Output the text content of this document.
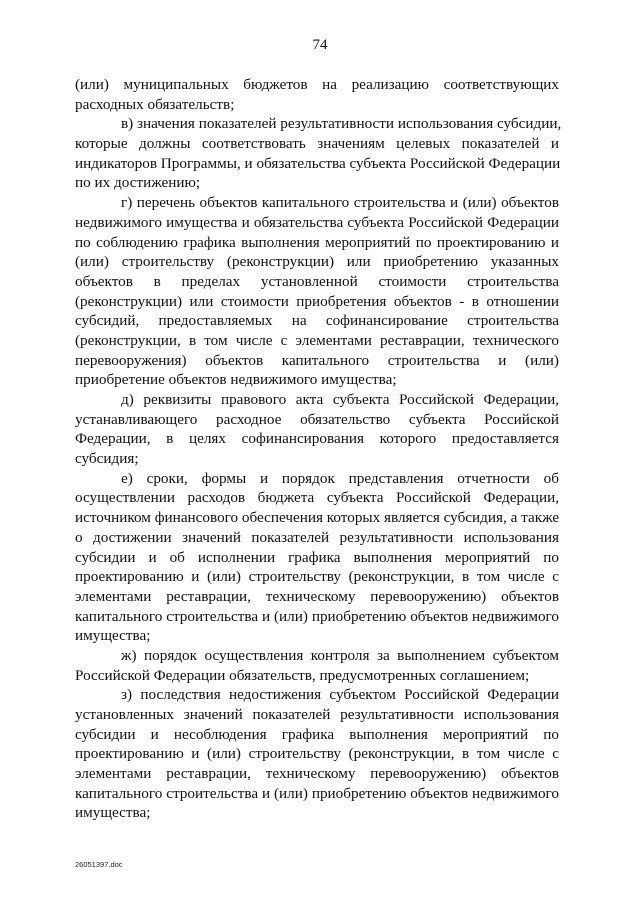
74
(или) муниципальных бюджетов на реализацию соответствующих
расходных обязательств;
в) значения показателей результативности использования субсидии,
которые должны соответствовать значениям целевых показателей и
индикаторов Программы, и обязательства субъекта Российской Федерации
по их достижению;
г) перечень объектов капитального строительства и (или) объектов
недвижимого имущества и обязательства субъекта Российской Федерации
по соблюдению графика выполнения мероприятий по проектированию и
(или) строительству (реконструкции) или приобретению указанных
объектов в пределах установленной стоимости строительства
(реконструкции) или стоимости приобретения объектов - в отношении
субсидий, предоставляемых на софинансирование строительства
(реконструкции, в том числе с элементами реставрации, технического
перевооружения) объектов капитального строительства и (или)
приобретение объектов недвижимого имущества;
д) реквизиты правового акта субъекта Российской Федерации,
устанавливающего расходное обязательство субъекта Российской
Федерации, в целях софинансирования которого предоставляется
субсидия;
е) сроки, формы и порядок представления отчетности об
осуществлении расходов бюджета субъекта Российской Федерации,
источником финансового обеспечения которых является субсидия, а также
о достижении значений показателей результативности использования
субсидии и об исполнении графика выполнения мероприятий по
проектированию и (или) строительству (реконструкции, в том числе с
элементами реставрации, техническому перевооружению) объектов
капитального строительства и (или) приобретению объектов недвижимого
имущества;
ж) порядок осуществления контроля за выполнением субъектом
Российской Федерации обязательств, предусмотренных соглашением;
з) последствия недостижения субъектом Российской Федерации
установленных значений показателей результативности использования
субсидии и несоблюдения графика выполнения мероприятий по
проектированию и (или) строительству (реконструкции, в том числе с
элементами реставрации, техническому перевооружению) объектов
капитального строительства и (или) приобретению объектов недвижимого
имущества;
26051397.doc
